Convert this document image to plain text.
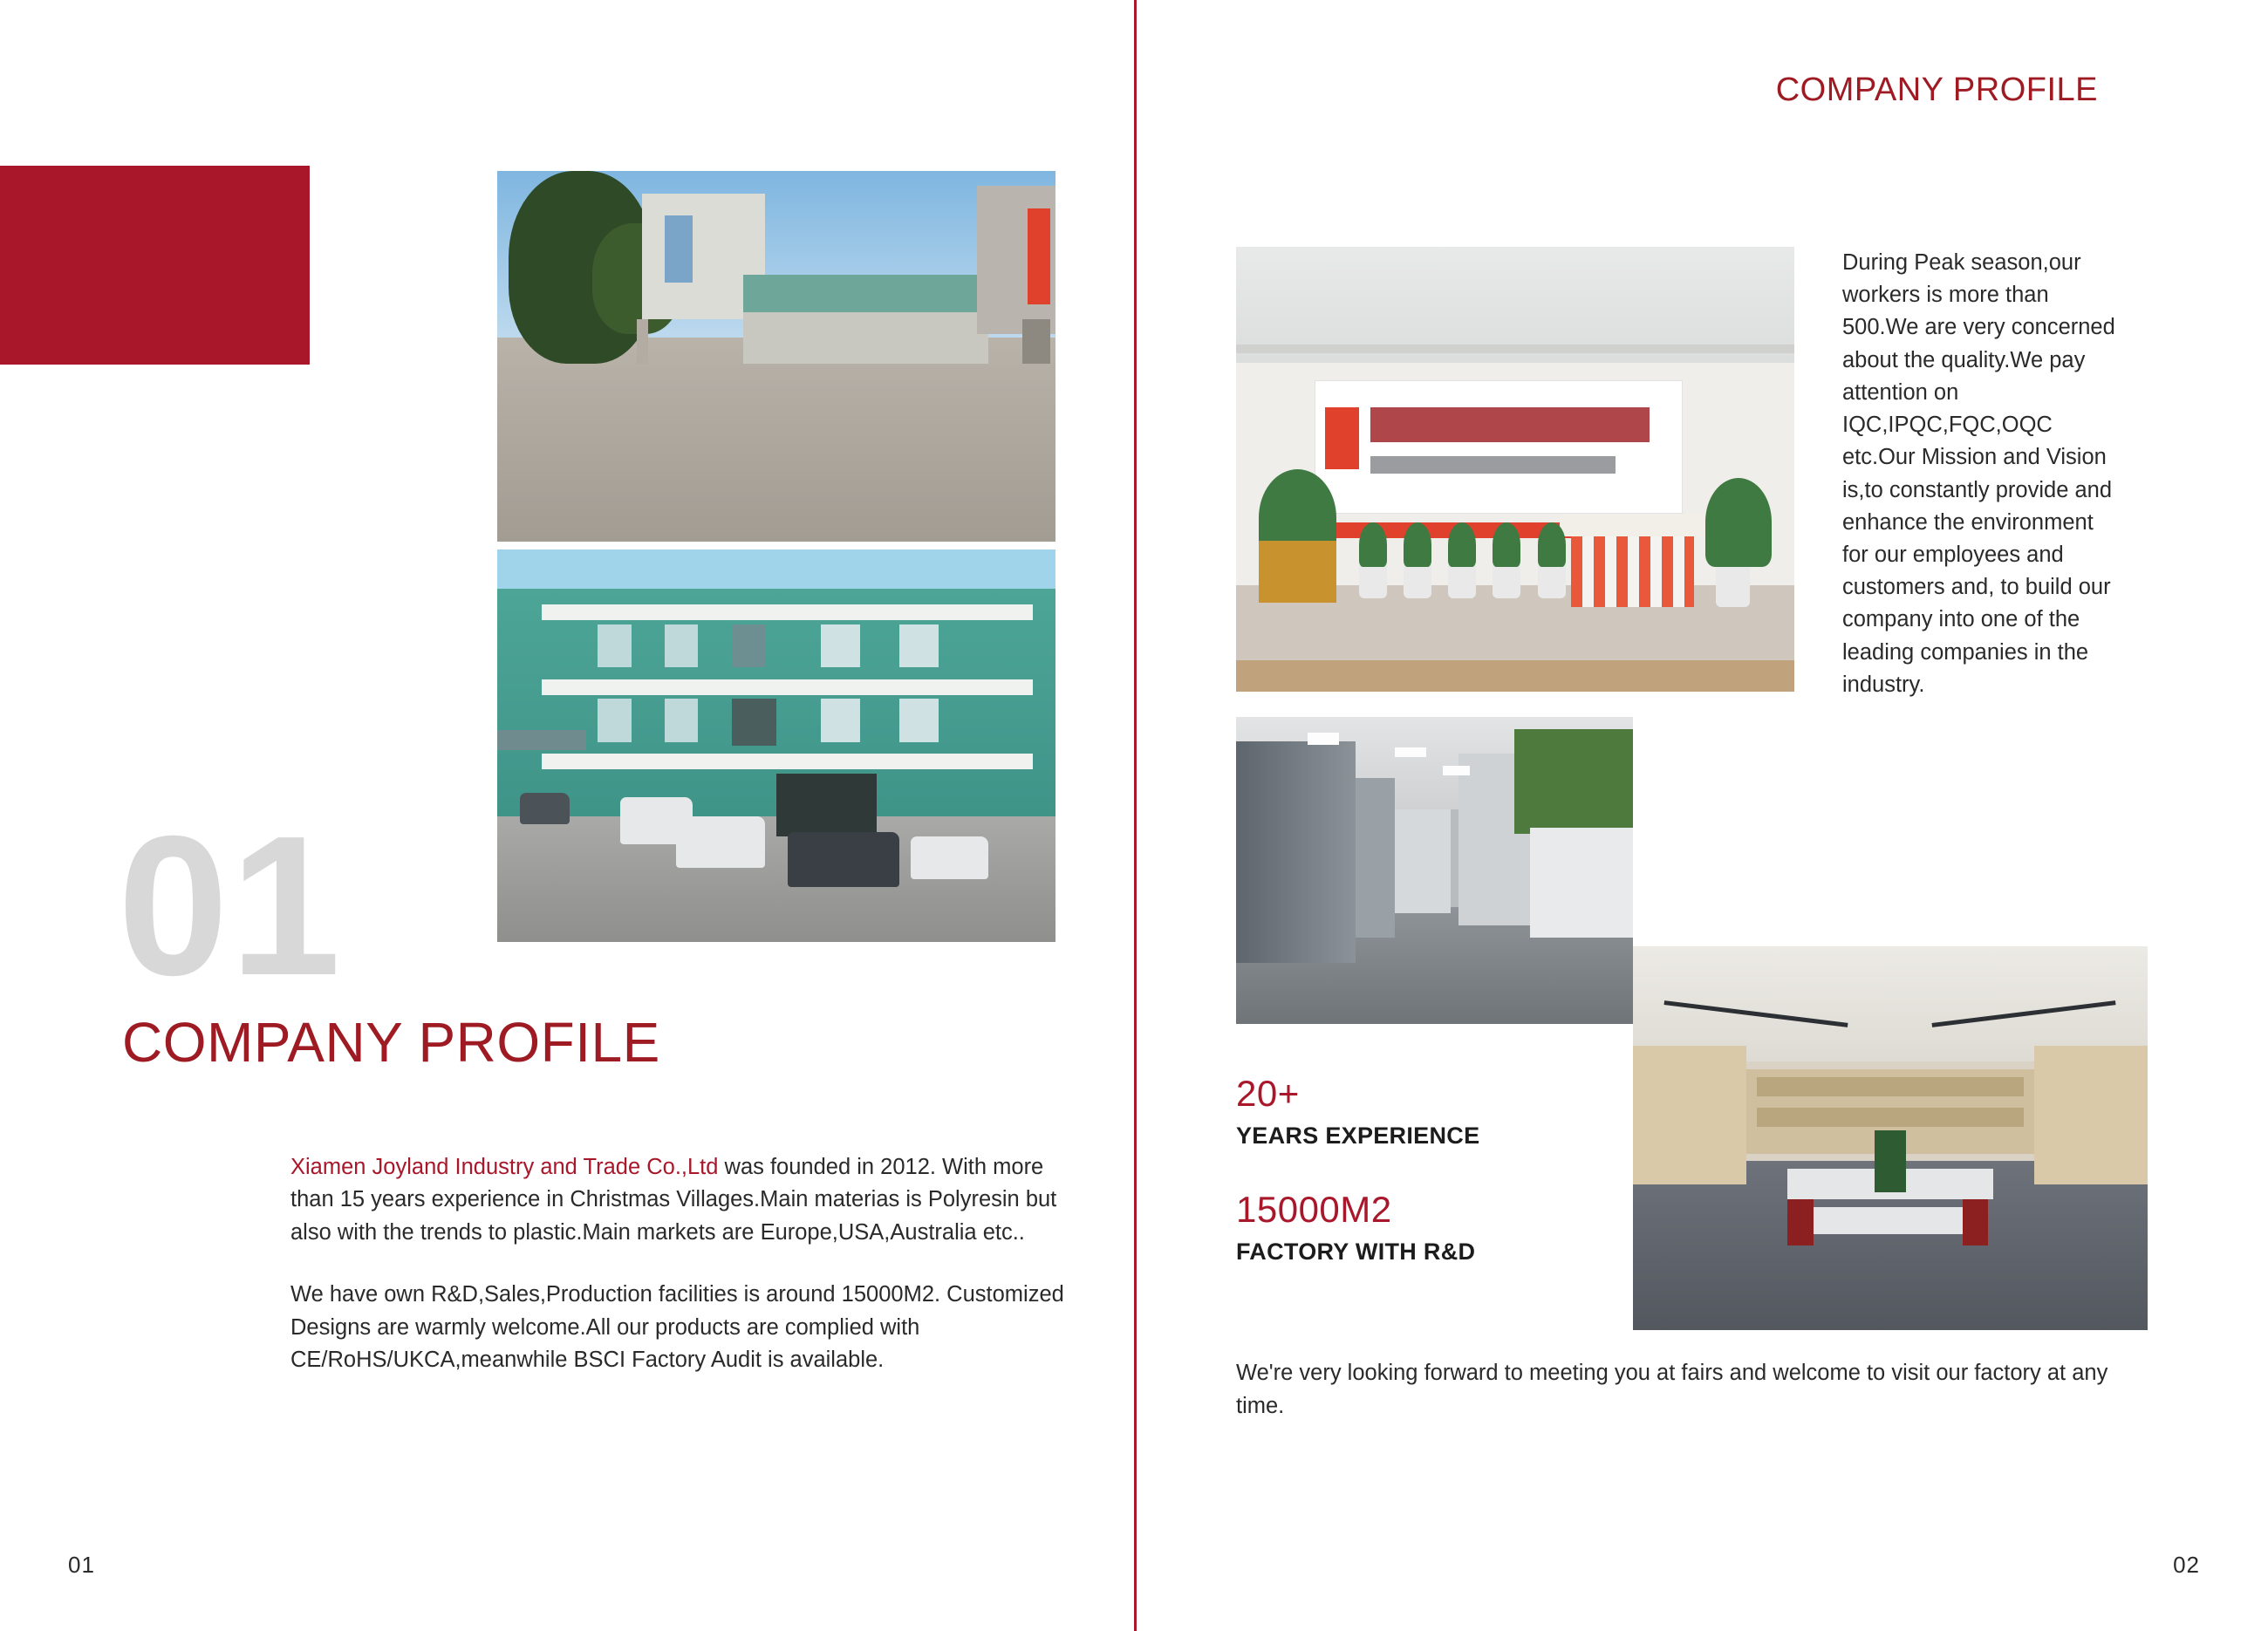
01
COMPANY PROFILE

Xiamen Joyland Industry and Trade Co.,Ltd was founded in 2012. With more than 15 years experience in Christmas Villages.Main materias is Polyresin but also with the trends to plastic.Main markets are Europe,USA,Australia etc..

We have own R&D,Sales,Production facilities is around 15000M2. Customized Designs are warmly welcome.All our products are complied with CE/RoHS/UKCA,meanwhile BSCI Factory Audit is available.

01
COMPANY PROFILE

During Peak season,our workers is more than 500.We are very concerned about the quality.We pay attention on IQC,IPQC,FQC,OQC etc.Our Mission and Vision is,to constantly provide and enhance the environment for our employees and customers and, to build our company into one of the leading companies in the industry.

20+
YEARS EXPERIENCE
15000M2
FACTORY WITH R&D
We're very looking forward to meeting you at fairs and welcome to visit our factory at any time.
02
